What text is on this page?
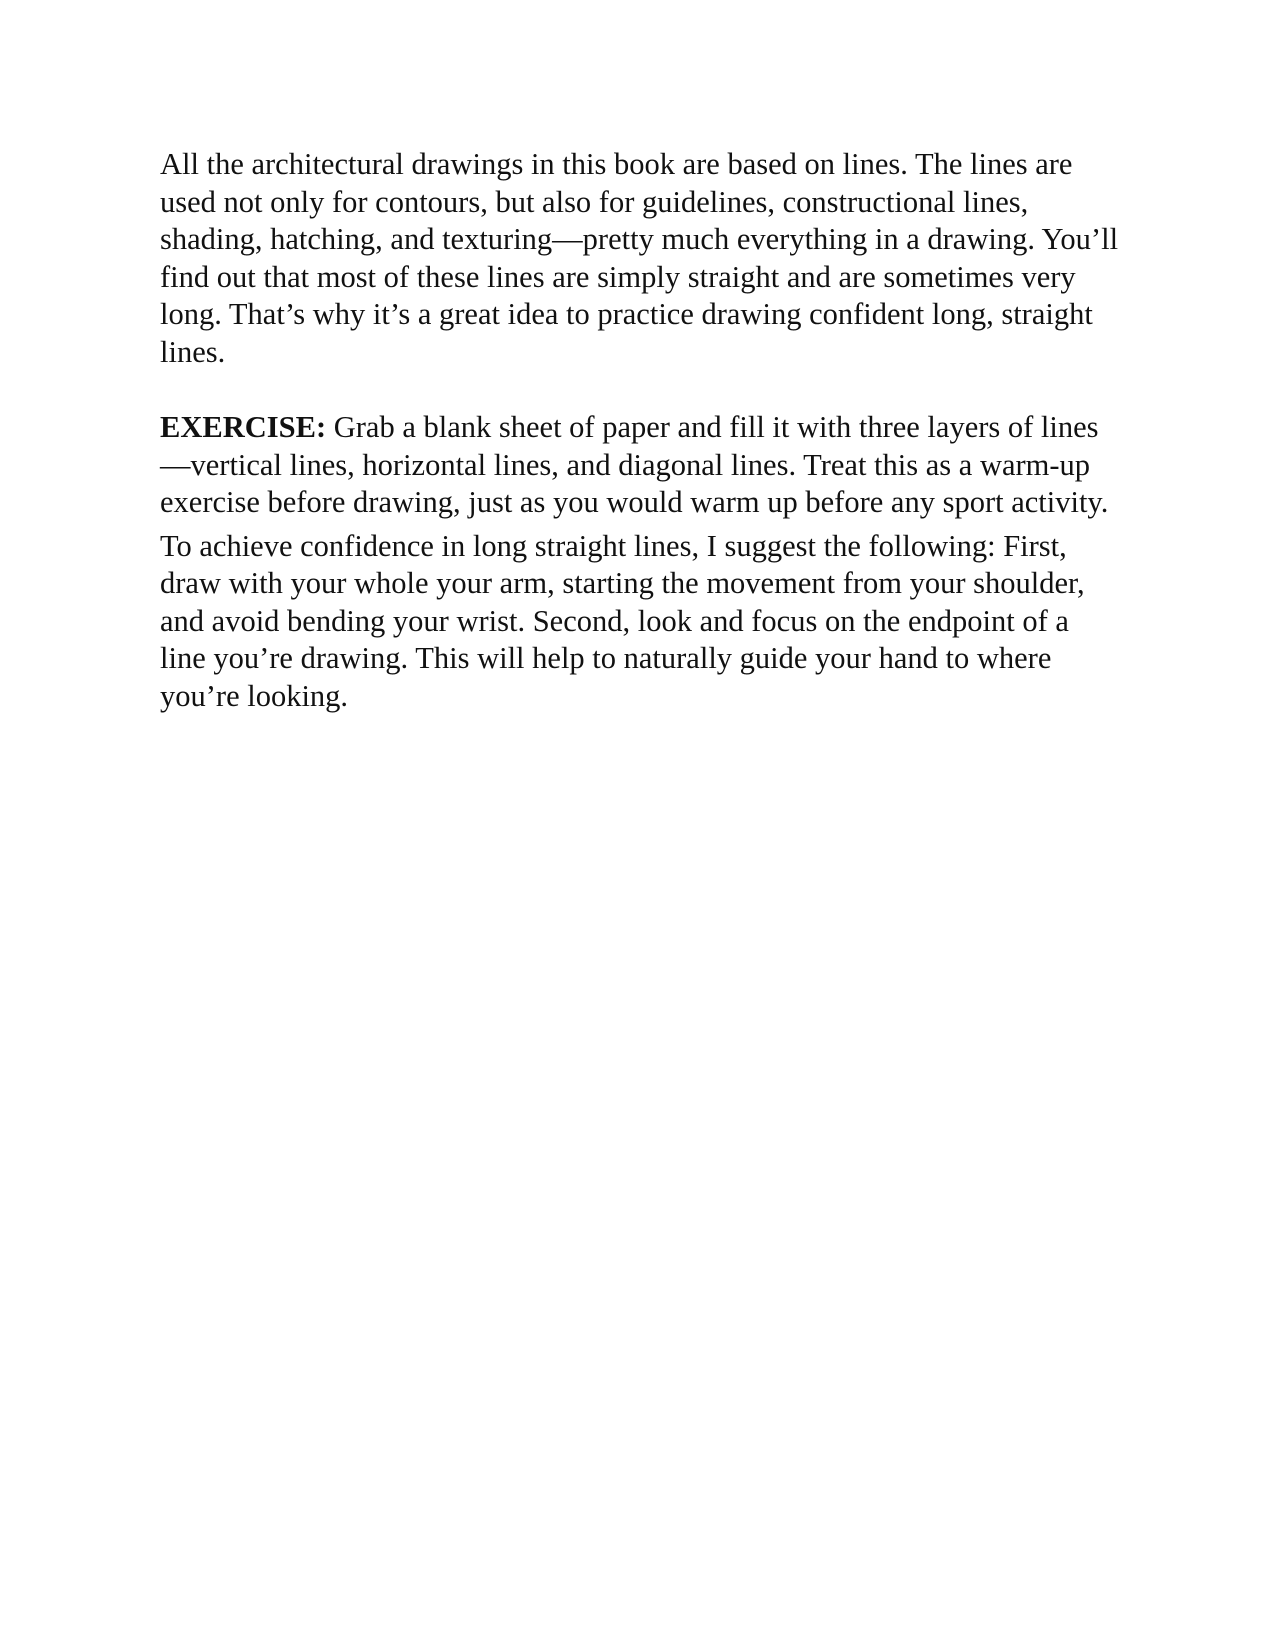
All the architectural drawings in this book are based on lines. The lines are used not only for contours, but also for guidelines, constructional lines, shading, hatching, and texturing—pretty much everything in a drawing. You’ll find out that most of these lines are simply straight and are sometimes very long. That’s why it’s a great idea to practice drawing confident long, straight lines.

EXERCISE: Grab a blank sheet of paper and fill it with three layers of lines—vertical lines, horizontal lines, and diagonal lines. Treat this as a warm-up exercise before drawing, just as you would warm up before any sport activity.

To achieve confidence in long straight lines, I suggest the following: First, draw with your whole your arm, starting the movement from your shoulder, and avoid bending your wrist. Second, look and focus on the endpoint of a line you’re drawing. This will help to naturally guide your hand to where you’re looking.
